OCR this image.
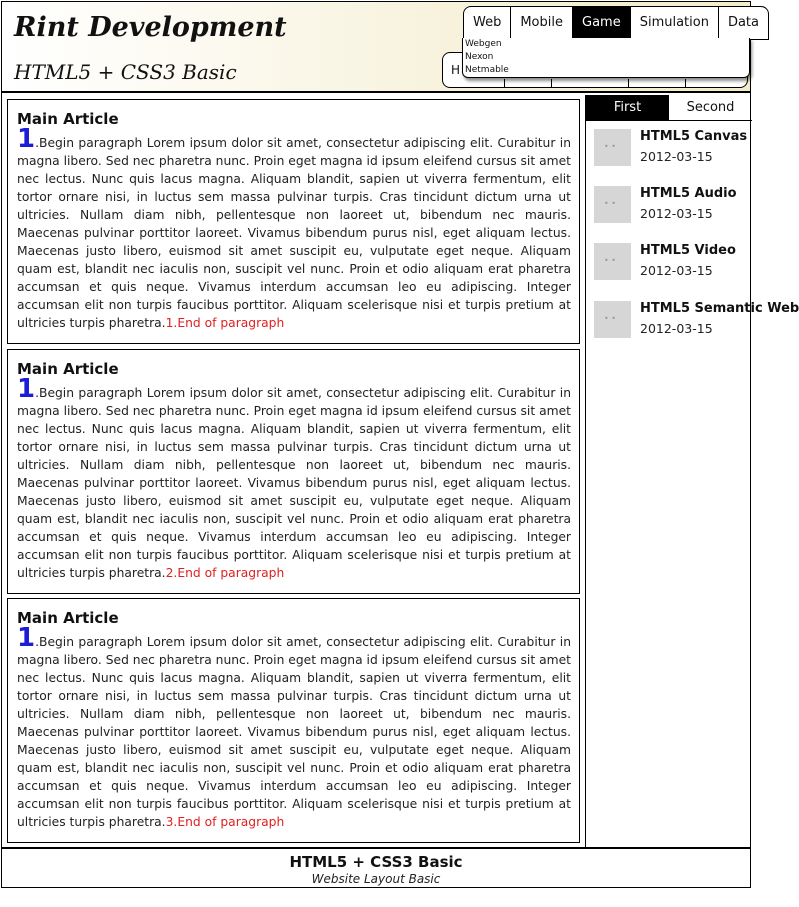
Rint Development
HTML5 + CSS3 Basic	H
Web	Mobile	Game	Simulation	Data
Webgen
Nexon
Netmable
Main Article

1.Begin paragraph Lorem ipsum dolor sit amet, consectetur adipiscing elit. Curabitur in magna libero. Sed nec pharetra nunc. Proin eget magna id ipsum eleifend cursus sit amet nec lectus. Nunc quis lacus magna. Aliquam blandit, sapien ut viverra fermentum, elit tortor ornare nisi, in luctus sem massa pulvinar turpis. Cras tincidunt dictum urna ut ultricies. Nullam diam nibh, pellentesque non laoreet ut, bibendum nec mauris. Maecenas pulvinar porttitor laoreet. Vivamus bibendum purus nisl, eget aliquam lectus. Maecenas justo libero, euismod sit amet suscipit eu, vulputate eget neque. Aliquam quam est, blandit nec iaculis non, suscipit vel nunc. Proin et odio aliquam erat pharetra accumsan et quis neque. Vivamus interdum accumsan leo eu adipiscing. Integer accumsan elit non turpis faucibus porttitor. Aliquam scelerisque nisi et turpis pretium at ultricies turpis pharetra.1.End of paragraph

Main Article

1.Begin paragraph Lorem ipsum dolor sit amet, consectetur adipiscing elit. Curabitur in magna libero. Sed nec pharetra nunc. Proin eget magna id ipsum eleifend cursus sit amet nec lectus. Nunc quis lacus magna. Aliquam blandit, sapien ut viverra fermentum, elit tortor ornare nisi, in luctus sem massa pulvinar turpis. Cras tincidunt dictum urna ut ultricies. Nullam diam nibh, pellentesque non laoreet ut, bibendum nec mauris. Maecenas pulvinar porttitor laoreet. Vivamus bibendum purus nisl, eget aliquam lectus. Maecenas justo libero, euismod sit amet suscipit eu, vulputate eget neque. Aliquam quam est, blandit nec iaculis non, suscipit vel nunc. Proin et odio aliquam erat pharetra accumsan et quis neque. Vivamus interdum accumsan leo eu adipiscing. Integer accumsan elit non turpis faucibus porttitor. Aliquam scelerisque nisi et turpis pretium at ultricies turpis pharetra.2.End of paragraph

Main Article

1.Begin paragraph Lorem ipsum dolor sit amet, consectetur adipiscing elit. Curabitur in magna libero. Sed nec pharetra nunc. Proin eget magna id ipsum eleifend cursus sit amet nec lectus. Nunc quis lacus magna. Aliquam blandit, sapien ut viverra fermentum, elit tortor ornare nisi, in luctus sem massa pulvinar turpis. Cras tincidunt dictum urna ut ultricies. Nullam diam nibh, pellentesque non laoreet ut, bibendum nec mauris. Maecenas pulvinar porttitor laoreet. Vivamus bibendum purus nisl, eget aliquam lectus. Maecenas justo libero, euismod sit amet suscipit eu, vulputate eget neque. Aliquam quam est, blandit nec iaculis non, suscipit vel nunc. Proin et odio aliquam erat pharetra accumsan et quis neque. Vivamus interdum accumsan leo eu adipiscing. Integer accumsan elit non turpis faucibus porttitor. Aliquam scelerisque nisi et turpis pretium at ultricies turpis pharetra.3.End of paragraph

First	Second
• •
HTML5 Canvas
2012-03-15
• •
HTML5 Audio
2012-03-15
• •
HTML5 Video
2012-03-15
• •
HTML5 Semantic Web
2012-03-15
HTML5 + CSS3 Basic
Website Layout Basic
